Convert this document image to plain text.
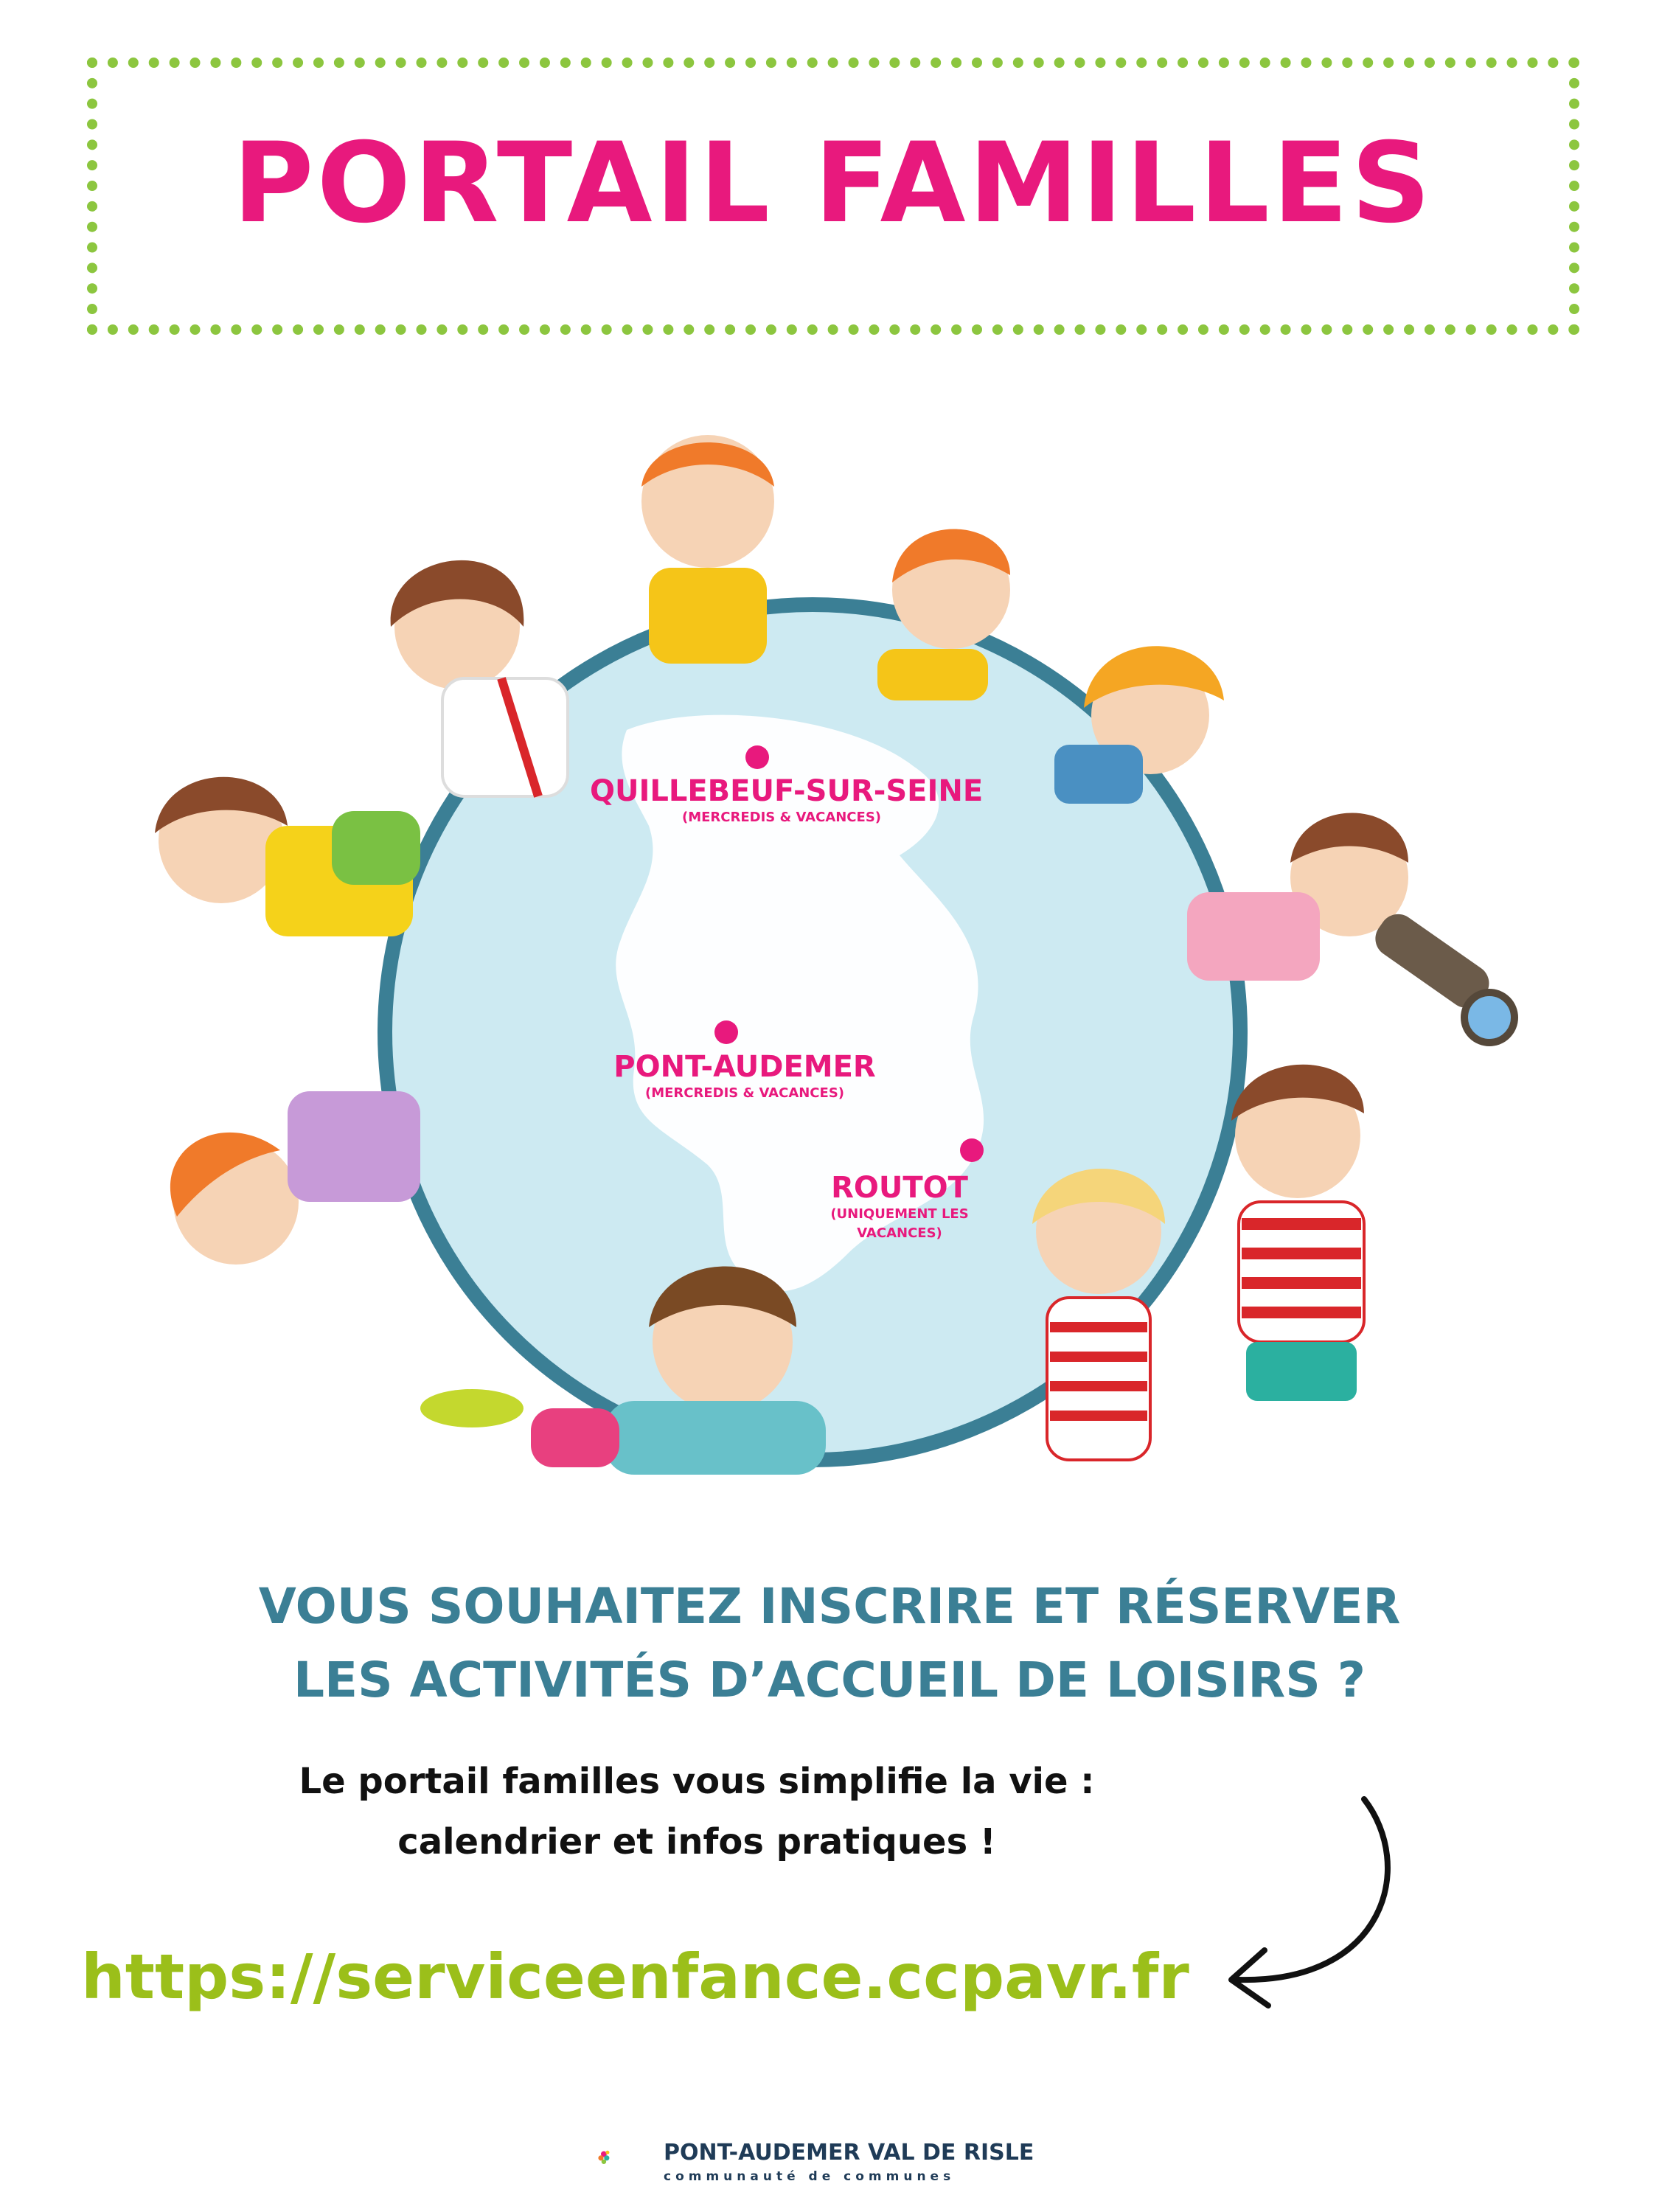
PORTAIL FAMILLES
QUILLEBEUF-SUR-SEINE
(MERCREDIS & VACANCES)
PONT-AUDEMER
(MERCREDIS & VACANCES)
ROUTOT
(UNIQUEMENT LES
VACANCES)

VOUS SOUHAITEZ INSCRIRE ET RÉSERVER

LES ACTIVITÉS D’ACCUEIL DE LOISIRS ?

Le portail familles vous simplifie la vie :

calendrier et infos pratiques !

https://serviceenfance.ccpavr.fr
PONT-AUDEMER VAL DE RISLE
communauté de communes
